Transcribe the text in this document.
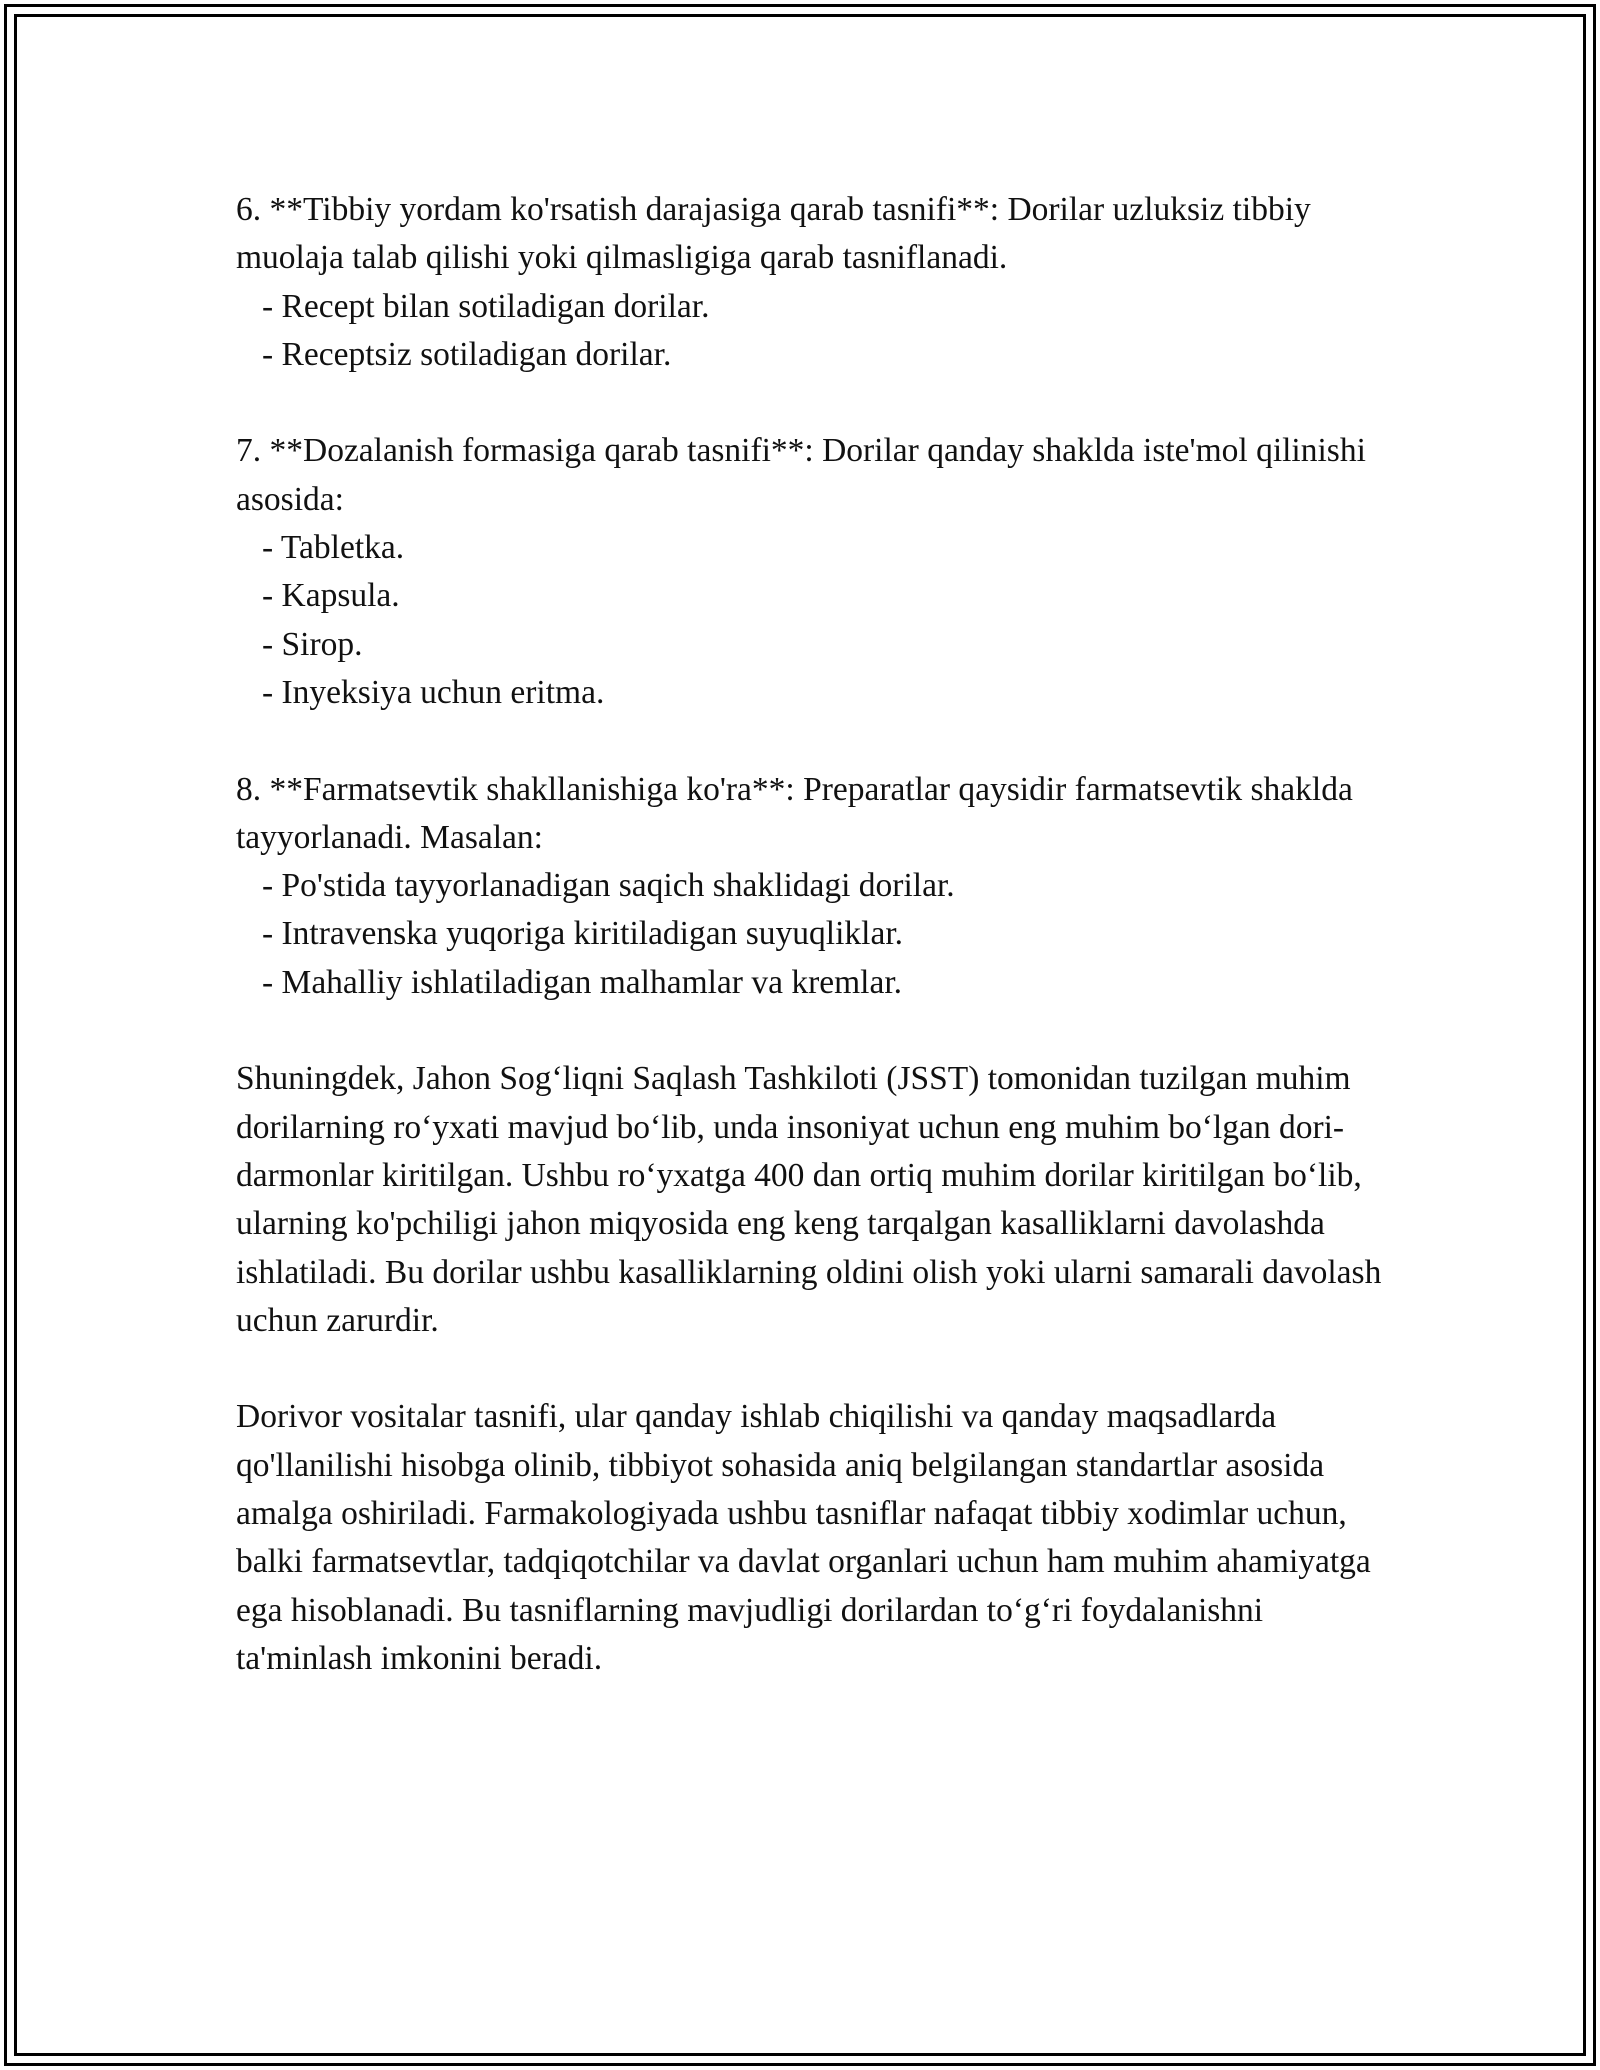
6. **Tibbiy yordam ko'rsatish darajasiga qarab tasnifi**: Dorilar uzluksiz tibbiy muolaja talab qilishi yoki qilmasligiga qarab tasniflanadi.

- Recept bilan sotiladigan dorilar.

- Receptsiz sotiladigan dorilar.

7. **Dozalanish formasiga qarab tasnifi**: Dorilar qanday shaklda iste'mol qilinishi asosida:

- Tabletka.

- Kapsula.

- Sirop.

- Inyeksiya uchun eritma.

8. **Farmatsevtik shakllanishiga ko'ra**: Preparatlar qaysidir farmatsevtik shaklda tayyorlanadi. Masalan:

- Po'stida tayyorlanadigan saqich shaklidagi dorilar.

- Intravenska yuqoriga kiritiladigan suyuqliklar.

- Mahalliy ishlatiladigan malhamlar va kremlar.

Shuningdek, Jahon Sog‘liqni Saqlash Tashkiloti (JSST) tomonidan tuzilgan muhim dorilarning ro‘yxati mavjud bo‘lib, unda insoniyat uchun eng muhim bo‘lgan dori-darmonlar kiritilgan. Ushbu ro‘yxatga 400 dan ortiq muhim dorilar kiritilgan bo‘lib, ularning ko'pchiligi jahon miqyosida eng keng tarqalgan kasalliklarni davolashda ishlatiladi. Bu dorilar ushbu kasalliklarning oldini olish yoki ularni samarali davolash uchun zarurdir.

Dorivor vositalar tasnifi, ular qanday ishlab chiqilishi va qanday maqsadlarda qo'llanilishi hisobga olinib, tibbiyot sohasida aniq belgilangan standartlar asosida amalga oshiriladi. Farmakologiyada ushbu tasniflar nafaqat tibbiy xodimlar uchun, balki farmatsevtlar, tadqiqotchilar va davlat organlari uchun ham muhim ahamiyatga ega hisoblanadi. Bu tasniflarning mavjudligi dorilardan to‘g‘ri foydalanishni ta'minlash imkonini beradi.
